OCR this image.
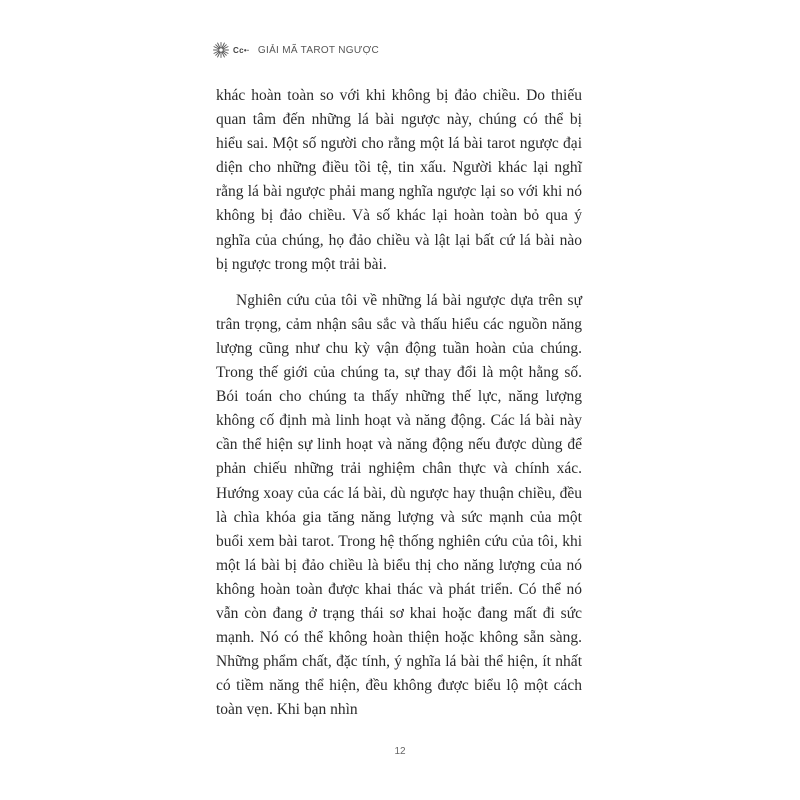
Cc•· GIẢI MÃ TAROT NGƯỢC

khác hoàn toàn so với khi không bị đảo chiều. Do thiếu quan tâm đến những lá bài ngược này, chúng có thể bị hiểu sai. Một số người cho rằng một lá bài tarot ngược đại diện cho những điều tồi tệ, tin xấu. Người khác lại nghĩ rằng lá bài ngược phải mang nghĩa ngược lại so với khi nó không bị đảo chiều. Và số khác lại hoàn toàn bỏ qua ý nghĩa của chúng, họ đảo chiều và lật lại bất cứ lá bài nào bị ngược trong một trải bài.

Nghiên cứu của tôi về những lá bài ngược dựa trên sự trân trọng, cảm nhận sâu sắc và thấu hiểu các nguồn năng lượng cũng như chu kỳ vận động tuần hoàn của chúng. Trong thế giới của chúng ta, sự thay đổi là một hằng số. Bói toán cho chúng ta thấy những thế lực, năng lượng không cố định mà linh hoạt và năng động. Các lá bài này cần thể hiện sự linh hoạt và năng động nếu được dùng để phản chiếu những trải nghiệm chân thực và chính xác. Hướng xoay của các lá bài, dù ngược hay thuận chiều, đều là chìa khóa gia tăng năng lượng và sức mạnh của một buổi xem bài tarot. Trong hệ thống nghiên cứu của tôi, khi một lá bài bị đảo chiều là biểu thị cho năng lượng của nó không hoàn toàn được khai thác và phát triển. Có thể nó vẫn còn đang ở trạng thái sơ khai hoặc đang mất đi sức mạnh. Nó có thể không hoàn thiện hoặc không sẵn sàng. Những phẩm chất, đặc tính, ý nghĩa lá bài thể hiện, ít nhất có tiềm năng thể hiện, đều không được biểu lộ một cách toàn vẹn. Khi bạn nhìn

12
